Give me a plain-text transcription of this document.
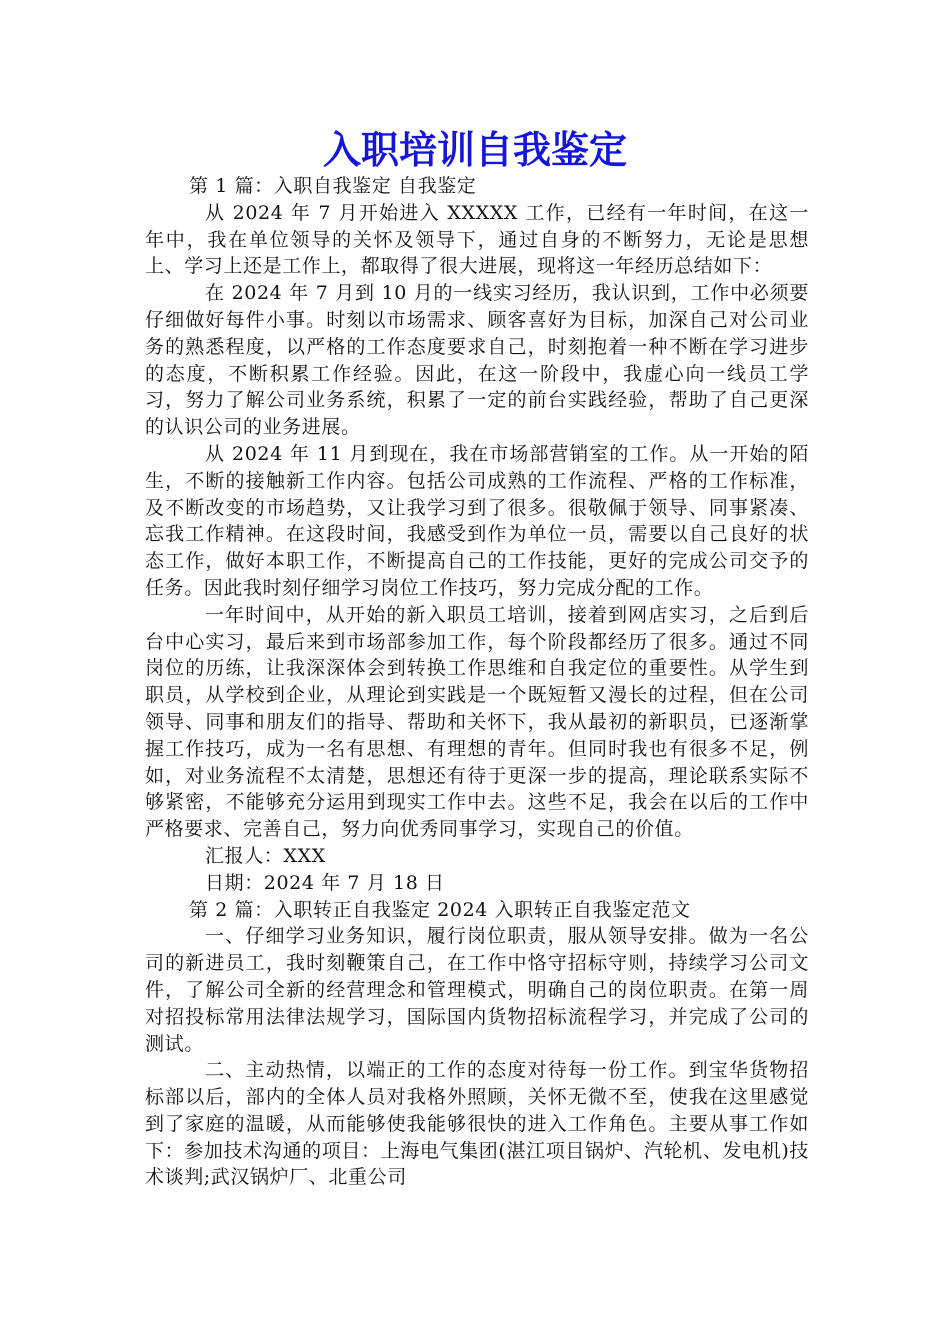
入职培训自我鉴定

第 1 篇：入职自我鉴定 自我鉴定

从 2024 年 7 月开始进入 XXXXX 工作，已经有一年时间，在这一年中，我在单位领导的关怀及领导下，通过自身的不断努力，无论是思想上、学习上还是工作上，都取得了很大进展，现将这一年经历总结如下：

在 2024 年 7 月到 10 月的一线实习经历，我认识到，工作中必须要仔细做好每件小事。时刻以市场需求、顾客喜好为目标，加深自己对公司业务的熟悉程度，以严格的工作态度要求自己，时刻抱着一种不断在学习进步的态度，不断积累工作经验。因此，在这一阶段中，我虚心向一线员工学习，努力了解公司业务系统，积累了一定的前台实践经验，帮助了自己更深的认识公司的业务进展。

从 2024 年 11 月到现在，我在市场部营销室的工作。从一开始的陌生，不断的接触新工作内容。包括公司成熟的工作流程、严格的工作标准，及不断改变的市场趋势，又让我学习到了很多。很敬佩于领导、同事紧凑、忘我工作精神。在这段时间，我感受到作为单位一员，需要以自己良好的状态工作，做好本职工作，不断提高自己的工作技能，更好的完成公司交予的任务。因此我时刻仔细学习岗位工作技巧，努力完成分配的工作。

一年时间中，从开始的新入职员工培训，接着到网店实习，之后到后台中心实习，最后来到市场部参加工作，每个阶段都经历了很多。通过不同岗位的历练，让我深深体会到转换工作思维和自我定位的重要性。从学生到职员，从学校到企业，从理论到实践是一个既短暂又漫长的过程，但在公司领导、同事和朋友们的指导、帮助和关怀下，我从最初的新职员，已逐渐掌握工作技巧，成为一名有思想、有理想的青年。但同时我也有很多不足，例如，对业务流程不太清楚，思想还有待于更深一步的提高，理论联系实际不够紧密，不能够充分运用到现实工作中去。这些不足，我会在以后的工作中严格要求、完善自己，努力向优秀同事学习，实现自己的价值。

汇报人：XXX

日期：2024 年 7 月 18 日

第 2 篇：入职转正自我鉴定 2024 入职转正自我鉴定范文

一、仔细学习业务知识，履行岗位职责，服从领导安排。做为一名公司的新进员工，我时刻鞭策自己，在工作中恪守招标守则，持续学习公司文件，了解公司全新的经营理念和管理模式，明确自己的岗位职责。在第一周对招投标常用法律法规学习，国际国内货物招标流程学习，并完成了公司的测试。

二、主动热情，以端正的工作的态度对待每一份工作。到宝华货物招标部以后，部内的全体人员对我格外照顾，关怀无微不至，使我在这里感觉到了家庭的温暖，从而能够使我能够很快的进入工作角色。主要从事工作如下：参加技术沟通的项目：上海电气集团(湛江项目锅炉、汽轮机、发电机)技术谈判;武汉锅炉厂、北重公司
